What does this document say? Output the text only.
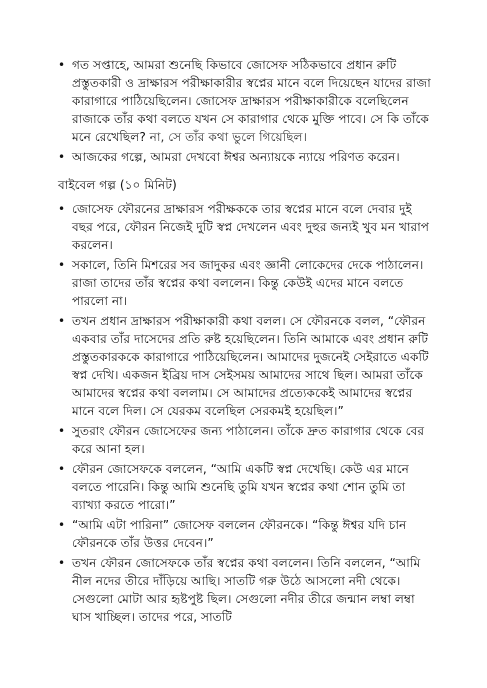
• গত সপ্তাহে, আমরা শুনেছি কিভাবে জোসেফ সঠিকভাবে প্রধান রুটি প্রস্তুতকারী ও দ্রাক্ষারস পরীক্ষাকারীর স্বপ্নের মানে বলে দিয়েছেন যাদের রাজা কারাগারে পাঠিয়েছিলেন। জোসেফ দ্রাক্ষারস পরীক্ষাকারীকে বলেছিলেন রাজাকে তাঁর কথা বলতে যখন সে কারাগার থেকে মুক্তি পাবে। সে কি তাঁকে মনে রেখেছিল? না, সে তাঁর কথা ভুলে গিয়েছিল।
• আজকের গল্পে, আমরা দেখবো ঈশ্বর অন্যায়কে ন্যায়ে পরিণত করেন।
বাইবেল গল্প (১০ মিনিট)
• জোসেফ ফৌরনের দ্রাক্ষারস পরীক্ষককে তার স্বপ্নের মানে বলে দেবার দুই বছর পরে, ফৌরন নিজেই দুটি স্বপ্ন দেখলেন এবং দুহুর জন্যই খুব মন খারাপ করলেন।
• সকালে, তিনি মিশরের সব জাদুকর এবং জ্ঞানী লোকেদের দেকে পাঠালেন। রাজা তাদের তাঁর স্বপ্নের কথা বললেন। কিন্তু কেউই এদের মানে বলতে পারলো না।
• তখন প্রধান দ্রাক্ষারস পরীক্ষাকারী কথা বলল। সে ফৌরনকে বলল, “ফৌরন একবার তাঁর দাসেদের প্রতি রুষ্ট হয়েছিলেন। তিনি আমাকে এবং প্রধান রুটি প্রস্তুতকারককে কারাগারে পাঠিয়েছিলেন। আমাদের দুজনেই সেইরাতে একটি স্বপ্ন দেখি। একজন ইব্রিয় দাস সেইসময় আমাদের সাথে ছিল। আমরা তাঁকে আমাদের স্বপ্নের কথা বললাম। সে আমাদের প্রত্যেককেই আমাদের স্বপ্নের মানে বলে দিল। সে যেরকম বলেছিল সেরকমই হয়েছিল।”
• সুতরাং ফৌরন জোসেফের জন্য পাঠালেন। তাঁকে দ্রুত কারাগার থেকে বের করে আনা হল।
• ফৌরন জোসেফকে বললেন, “আমি একটি স্বপ্ন দেখেছি। কেউ এর মানে বলতে পারেনি। কিন্তু আমি শুনেছি তুমি যখন স্বপ্নের কথা শোন তুমি তা ব্যাখ্যা করতে পারো।”
• “আমি এটা পারিনা” জোসেফ বললেন ফৌরনকে। “কিন্তু ঈশ্বর যদি চান ফৌরনকে তাঁর উত্তর দেবেন।”
• তখন ফৌরন জোসেফকে তাঁর স্বপ্নের কথা বললেন। তিনি বললেন, “আমি নীল নদের তীরে দাঁড়িয়ে আছি। সাতটি গরু উঠে আসলো নদী থেকে। সেগুলো মোটা আর হৃষ্টপুষ্ট ছিল। সেগুলো নদীর তীরে জন্মান লম্বা লম্বা ঘাস খাচ্ছিল। তাদের পরে, সাতটি
